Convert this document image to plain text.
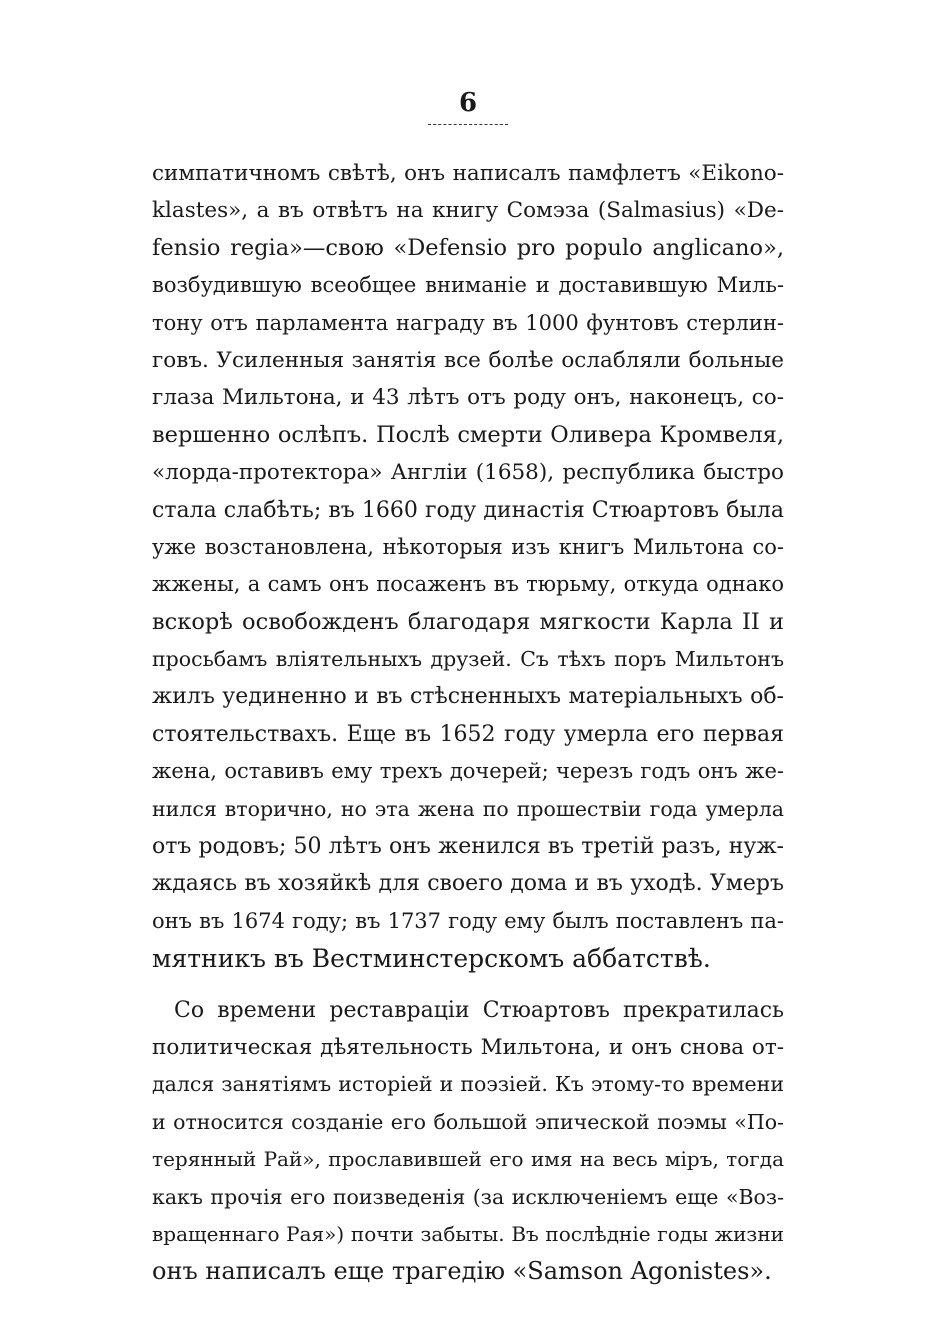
6
симпатичномъ свѣтѣ, онъ написалъ памфлетъ «Eikono-
klastes», а въ отвѣтъ на книгу Сомэза (Salmasius) «De-
fensio regia»—свою «Defensio pro populo anglicano»,
возбудившую всеобщее вниманіе и доставившую Миль-
тону отъ парламента награду въ 1000 фунтовъ стерлин-
говъ. Усиленныя занятія все болѣе ослабляли больные
глаза Мильтона, и 43 лѣтъ отъ роду онъ, наконецъ, со-
вершенно ослѣпъ. Послѣ смерти Оливера Кромвеля,
«лорда-протектора» Англіи (1658), республика быстро
стала слабѣть; въ 1660 году династія Стюартовъ была
уже возстановлена, нѣкоторыя изъ книгъ Мильтона со-
жжены, а самъ онъ посаженъ въ тюрьму, откуда однако
вскорѣ освобожденъ благодаря мягкости Карла II и
просьбамъ вліятельныхъ друзей. Съ тѣхъ поръ Мильтонъ
жилъ уединенно и въ стѣсненныхъ матеріальныхъ об-
стоятельствахъ. Еще въ 1652 году умерла его первая
жена, оставивъ ему трехъ дочерей; черезъ годъ онъ же-
нился вторично, но эта жена по прошествіи года умерла
отъ родовъ; 50 лѣтъ онъ женился въ третій разъ, нуж-
ждаясь въ хозяйкѣ для своего дома и въ уходѣ. Умеръ
онъ въ 1674 году; въ 1737 году ему былъ поставленъ па-
мятникъ въ Вестминстерскомъ аббатствѣ.
Со времени реставраціи Стюартовъ прекратилась
политическая дѣятельность Мильтона, и онъ снова от-
дался занятіямъ исторіей и поэзіей. Къ этому-то времени
и относится созданіе его большой эпической поэмы «По-
терянный Рай», прославившей его имя на весь міръ, тогда
какъ прочія его поизведенія (за исключеніемъ еще «Воз-
вращеннаго Рая») почти забыты. Въ послѣдніе годы жизни
онъ написалъ еще трагедію «Samson Agonistes».
